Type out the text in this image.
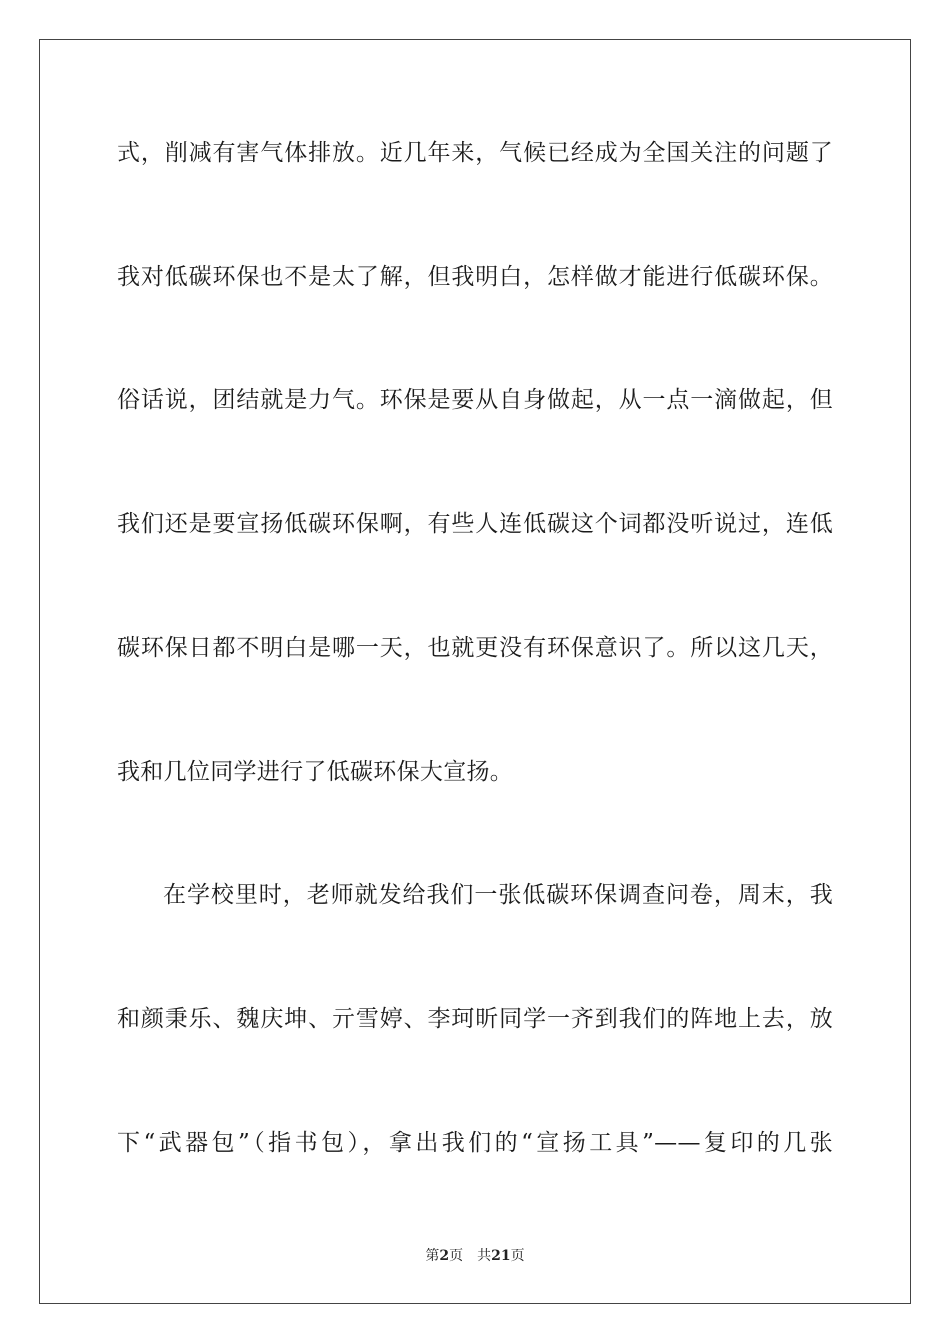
式，削减有害气体排放。近几年来，气候已经成为全国关注的问题了
我对低碳环保也不是太了解，但我明白，怎样做才能进行低碳环保。
俗话说，团结就是力气。环保是要从自身做起，从一点一滴做起，但
我们还是要宣扬低碳环保啊，有些人连低碳这个词都没听说过，连低
碳环保日都不明白是哪一天，也就更没有环保意识了。所以这几天，
我和几位同学进行了低碳环保大宣扬。
在学校里时，老师就发给我们一张低碳环保调查问卷，周末，我
和颜秉乐、魏庆坤、亓雪婷、李珂昕同学一齐到我们的阵地上去，放
下“武器包”（指书包），拿出我们的“宣扬工具”——复印的几张
第2页 共21页
